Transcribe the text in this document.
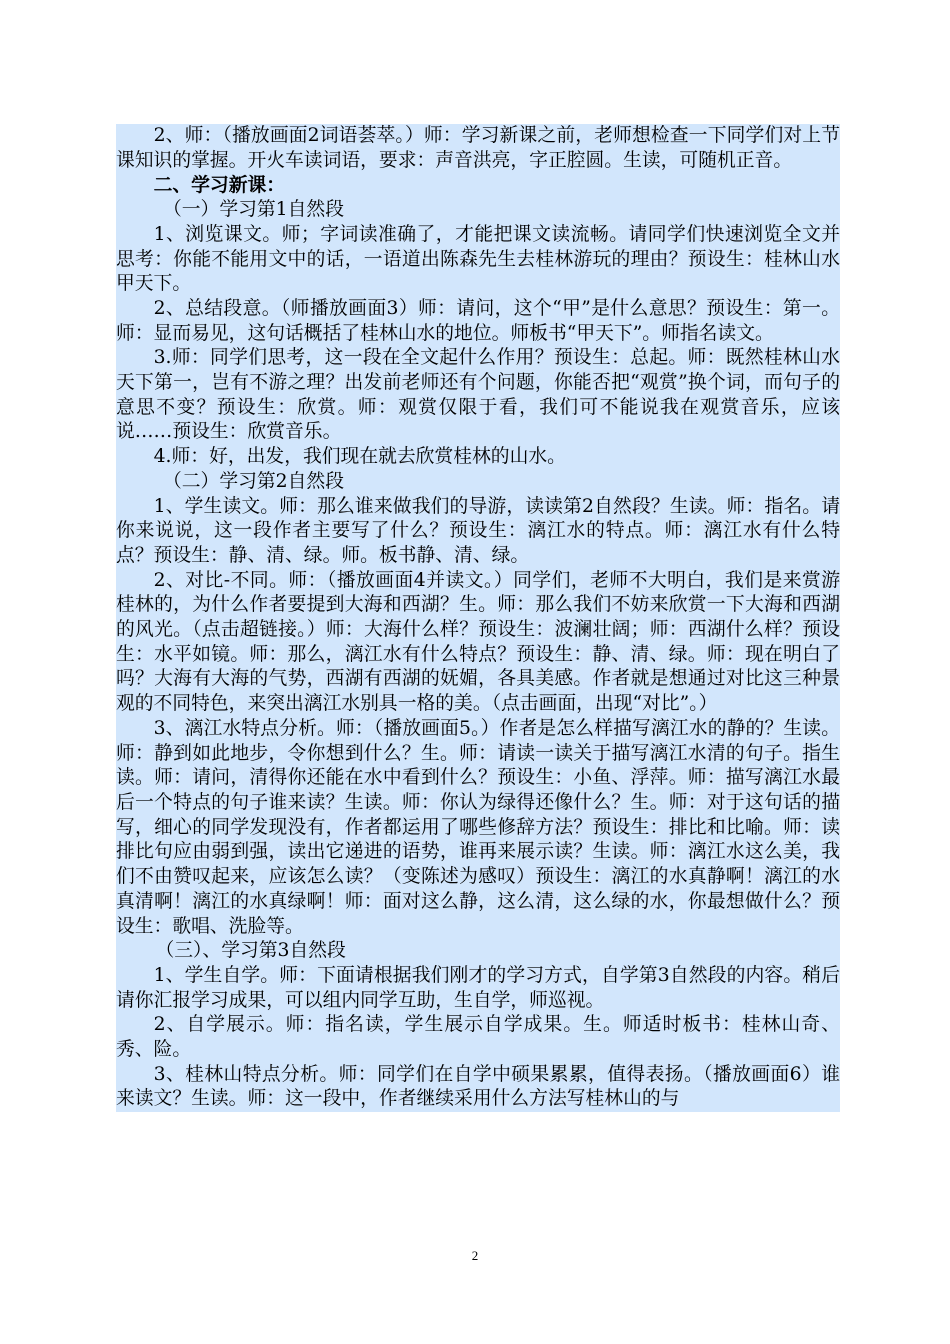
2、师：（播放画面2词语荟萃。）师：学习新课之前，老师想检查一下同学们对上节课知识的掌握。开火车读词语，要求：声音洪亮，字正腔圆。生读，可随机正音。

二、学习新课：

（一）学习第1自然段

1、浏览课文。师；字词读准确了，才能把课文读流畅。请同学们快速浏览全文并思考：你能不能用文中的话，一语道出陈森先生去桂林游玩的理由？预设生：桂林山水甲天下。

2、总结段意。（师播放画面3）师：请问，这个“甲”是什么意思？预设生：第一。师：显而易见，这句话概括了桂林山水的地位。师板书“甲天下”。师指名读文。

3.师：同学们思考，这一段在全文起什么作用？预设生：总起。师：既然桂林山水天下第一，岂有不游之理？出发前老师还有个问题，你能否把“观赏”换个词，而句子的意思不变？预设生：欣赏。师：观赏仅限于看，我们可不能说我在观赏音乐，应该说……预设生：欣赏音乐。

4.师：好，出发，我们现在就去欣赏桂林的山水。

（二）学习第2自然段

1、学生读文。师：那么谁来做我们的导游，读读第2自然段？生读。师：指名。请你来说说，这一段作者主要写了什么？预设生：漓江水的特点。师：漓江水有什么特点？预设生：静、清、绿。师。板书静、清、绿。

2、对比-不同。师：（播放画面4并读文。）同学们，老师不大明白，我们是来赏游桂林的，为什么作者要提到大海和西湖？生。师：那么我们不妨来欣赏一下大海和西湖的风光。（点击超链接。）师：大海什么样？预设生：波澜壮阔；师：西湖什么样？预设生：水平如镜。师：那么，漓江水有什么特点？预设生：静、清、绿。师：现在明白了吗？大海有大海的气势，西湖有西湖的妩媚，各具美感。作者就是想通过对比这三种景观的不同特色，来突出漓江水别具一格的美。（点击画面，出现“对比”。）

3、漓江水特点分析。师：（播放画面5。）作者是怎么样描写漓江水的静的？生读。师：静到如此地步，令你想到什么？生。师：请读一读关于描写漓江水清的句子。指生读。师：请问，清得你还能在水中看到什么？预设生：小鱼、浮萍。师：描写漓江水最后一个特点的句子谁来读？生读。师：你认为绿得还像什么？生。师：对于这句话的描写，细心的同学发现没有，作者都运用了哪些修辞方法？预设生：排比和比喻。师：读排比句应由弱到强，读出它递进的语势，谁再来展示读？生读。师：漓江水这么美，我们不由赞叹起来，应该怎么读？（变陈述为感叹）预设生：漓江的水真静啊！漓江的水真清啊！漓江的水真绿啊！师：面对这么静，这么清，这么绿的水，你最想做什么？预设生：歌唱、洗脸等。

（三）、学习第3自然段

1、学生自学。师：下面请根据我们刚才的学习方式，自学第3自然段的内容。稍后请你汇报学习成果，可以组内同学互助，生自学，师巡视。

2、自学展示。师：指名读，学生展示自学成果。生。师适时板书：桂林山奇、秀、险。

3、桂林山特点分析。师：同学们在自学中硕果累累，值得表扬。（播放画面6）谁来读文？生读。师：这一段中，作者继续采用什么方法写桂林山的与

2
